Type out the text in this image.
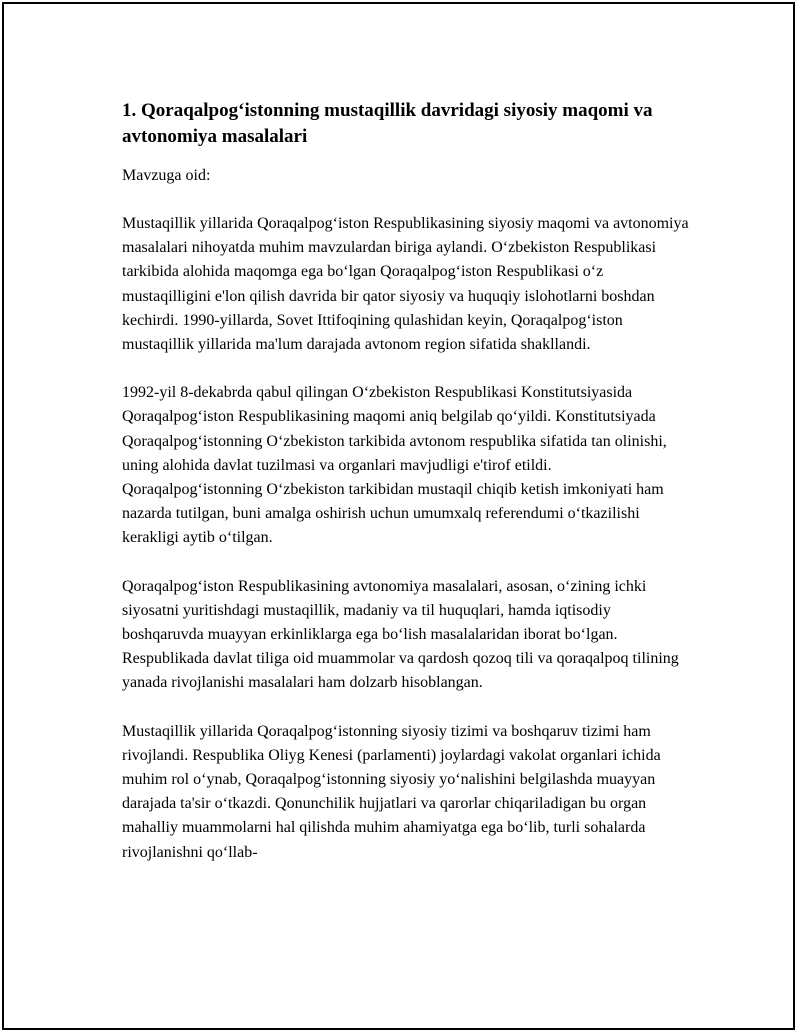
1. Qoraqalpog‘istonning mustaqillik davridagi siyosiy maqomi va avtonomiya masalalari

Mavzuga oid:

Mustaqillik yillarida Qoraqalpog‘iston Respublikasining siyosiy maqomi va avtonomiya masalalari nihoyatda muhim mavzulardan biriga aylandi. O‘zbekiston Respublikasi tarkibida alohida maqomga ega bo‘lgan Qoraqalpog‘iston Respublikasi o‘z mustaqilligini e'lon qilish davrida bir qator siyosiy va huquqiy islohotlarni boshdan kechirdi. 1990-yillarda, Sovet Ittifoqining qulashidan keyin, Qoraqalpog‘iston mustaqillik yillarida ma'lum darajada avtonom region sifatida shakllandi.

1992-yil 8-dekabrda qabul qilingan O‘zbekiston Respublikasi Konstitutsiyasida Qoraqalpog‘iston Respublikasining maqomi aniq belgilab qo‘yildi. Konstitutsiyada Qoraqalpog‘istonning O‘zbekiston tarkibida avtonom respublika sifatida tan olinishi, uning alohida davlat tuzilmasi va organlari mavjudligi e'tirof etildi. Qoraqalpog‘istonning O‘zbekiston tarkibidan mustaqil chiqib ketish imkoniyati ham nazarda tutilgan, buni amalga oshirish uchun umumxalq referendumi o‘tkazilishi kerakligi aytib o‘tilgan.

Qoraqalpog‘iston Respublikasining avtonomiya masalalari, asosan, o‘zining ichki siyosatni yuritishdagi mustaqillik, madaniy va til huquqlari, hamda iqtisodiy boshqaruvda muayyan erkinliklarga ega bo‘lish masalalaridan iborat bo‘lgan. Respublikada davlat tiliga oid muammolar va qardosh qozoq tili va qoraqalpoq tilining yanada rivojlanishi masalalari ham dolzarb hisoblangan.

Mustaqillik yillarida Qoraqalpog‘istonning siyosiy tizimi va boshqaruv tizimi ham rivojlandi. Respublika Oliyg Kenesi (parlamenti) joylardagi vakolat organlari ichida muhim rol o‘ynab, Qoraqalpog‘istonning siyosiy yo‘nalishini belgilashda muayyan darajada ta'sir o‘tkazdi. Qonunchilik hujjatlari va qarorlar chiqariladigan bu organ mahalliy muammolarni hal qilishda muhim ahamiyatga ega bo‘lib, turli sohalarda rivojlanishni qo‘llab-
